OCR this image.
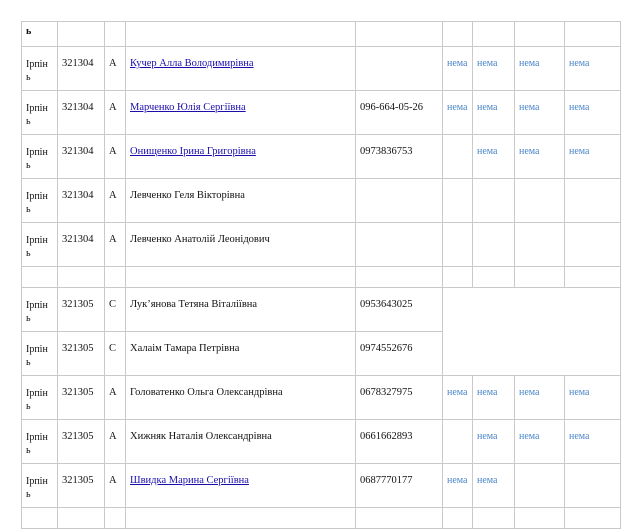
ь								
Ірпін
ь	321304	А	Кучер Алла Володимирівна		нема	нема	нема	нема
Ірпін
ь	321304	А	Марченко Юлія Сергіївна	096-664-05-26	нема	нема	нема	нема
Ірпін
ь	321304	А	Онищенко Ірина Григорівна	0973836753		нема	нема	нема
Ірпін
ь	321304	А	Левченко Геля Вікторівна					
Ірпін
ь	321304	А	Левченко Анатолій Леонідович					

Ірпін
ь	321305	С	Лук’янова Тетяна Віталіївна	0953643025				
Ірпін
ь	321305	С	Халаім Тамара Петрівна	0974552676				
Ірпін
ь	321305	А	Головатенко Ольга Олександрівна	0678327975	нема	нема	нема	нема
Ірпін
ь	321305	А	Хижняк Наталія Олександрівна	0661662893		нема	нема	нема
Ірпін
ь	321305	А	Швидка Марина Сергіївна	0687770177	нема	нема		
